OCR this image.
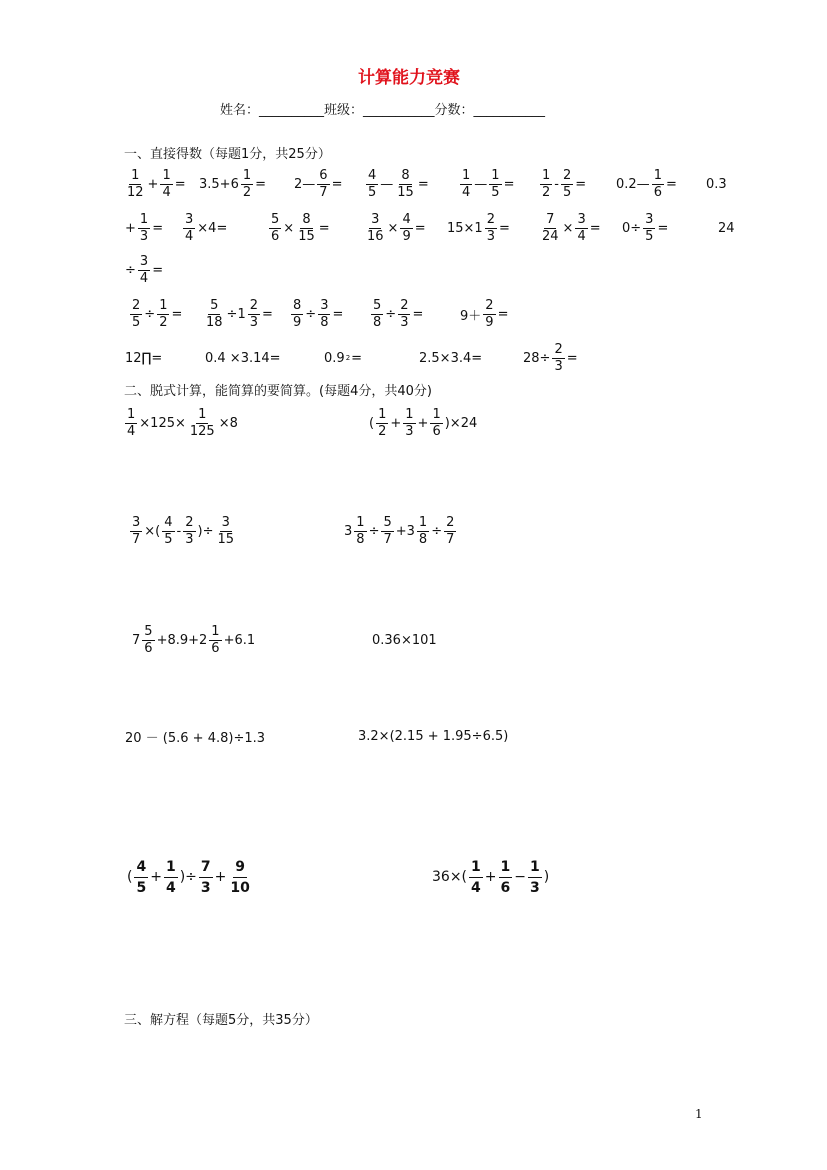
计算能力竞赛
姓名：__________班级：___________分数：___________
一、直接得数（每题1分，共25分）
$\frac{1}{12} + \frac{1}{4} = 3.5+6 \frac{1}{2}$ = 2— $\frac{6}{7} = \frac{4}{5}$ — $\frac{8}{15} = \frac{1}{4}$ — $\frac{1}{5} = \frac{1}{2} - \frac{2}{5}$ = 0.2— $\frac{1}{6} = 0.3$
+ $\frac{1}{3} = \frac{3}{4} \times 4=$	$\frac{5}{6} \times \frac{8}{15}$ =	$\frac{3}{16} \times \frac{4}{9} = 15\times 1 \frac{2}{3} = \frac{7}{24} \times \frac{3}{4} = 0\div \frac{3}{5}$ =	24
÷ $\frac{3}{4}$ =
$\frac{2}{5} \div \frac{1}{2} = \frac{5}{18} \div 1 \frac{2}{3} = \frac{8}{9} \div \frac{3}{8} = \frac{5}{8} \div \frac{2}{3}$ =	$9+ \frac{2}{9}$ =
12∏=	0.4 ×3.14=	0.9 2 =	2.5×3.4=	$28\div \frac{2}{3}$ =
二、脱式计算，能简算的要简算。(每题4分，共40分)
$\frac{1}{4} \times 125\times \frac{1}{125} \times 8$	( $\frac{1}{2} + \frac{1}{3} + \frac{1}{6} )\times 24$
$\frac{3}{7}$ ×( $\frac{4}{5} - \frac{2}{3}$ )÷ $\frac{3}{15}$	$3 \frac{1}{8} \div \frac{5}{7} +3 \frac{1}{8} \div \frac{2}{7}$
$7 \frac{5}{6} +8.9+2 \frac{1}{6} +6.1$	0.36×101
20 － (5.6 + 4.8)÷1.3	3.2×(2.15 + 1.95÷6.5)
( $\frac{4}{5} + \frac{1}{4}$ )÷ $\frac{7}{3} + \frac{9}{10}$	$36\times( \frac{1}{4} + \frac{1}{6} - \frac{1}{3}$ )
三、解方程（每题5分，共35分）
1
